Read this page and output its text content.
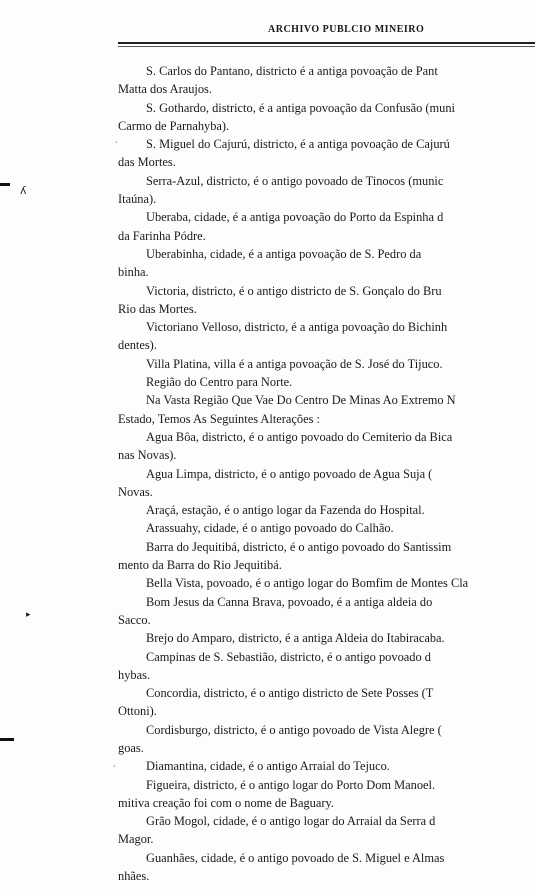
ARCHIVO PUBLCIO MINEIRO
S. Carlos do Pantano, districto é a antiga povoação de Pant
Matta dos Araujos.
S. Gothardo, districto, é a antiga povoação da Confusão (muni
Carmo de Parnahyba).
S. Miguel do Cajurú, districto, é a antiga povoação de Cajurú
das Mortes.
Serra-Azul, districto, é o antigo povoado de Tinocos (munic
Itaúna).
Uberaba, cidade, é a antiga povoação do Porto da Espinha d
da Farinha Pódre.
Uberabinha, cidade, é a antiga povoação de S. Pedro da
binha.
Victoria, districto, é o antigo districto de S. Gonçalo do Bru
Rio das Mortes.
Victoriano Velloso, districto, é a antiga povoação do Bichinh
dentes).
Villa Platina, villa é a antiga povoação de S. José do Tijuco.
Região do Centro para Norte.
Na Vasta Região Que Vae Do Centro De Minas Ao Extremo N
Estado, Temos As Seguintes Alterações :
Agua Bôa, districto, é o antigo povoado do Cemiterio da Bica
nas Novas).
Agua Limpa, districto, é o antigo povoado de Agua Suja (
Novas.
Araçá, estação, é o antigo logar da Fazenda do Hospital.
Arassuahy, cidade, é o antigo povoado do Calhão.
Barra do Jequitibá, districto, é o antigo povoado do Santissim
mento da Barra do Rio Jequitibá.
Bella Vista, povoado, é o antigo logar do Bomfim de Montes Cla
Bom Jesus da Canna Brava, povoado, é a antiga aldeia do
Sacco.
Brejo do Amparo, districto, é a antiga Aldeia do Itabiracaba.
Campinas de S. Sebastião, districto, é o antigo povoado d
hybas.
Concordia, districto, é o antigo districto de Sete Posses (T
Ottoni).
Cordisburgo, districto, é o antigo povoado de Vista Alegre (
goas.
Diamantina, cidade, é o antigo Arraial do Tejuco.
Figueira, districto, é o antigo logar do Porto Dom Manoel.
mitiva creação foi com o nome de Baguary.
Grão Mogol, cidade, é o antigo logar do Arraial da Serra d
Magor.
Guanhães, cidade, é o antigo povoado de S. Miguel e Almas
nhães.
ʎ
▸
·
·
